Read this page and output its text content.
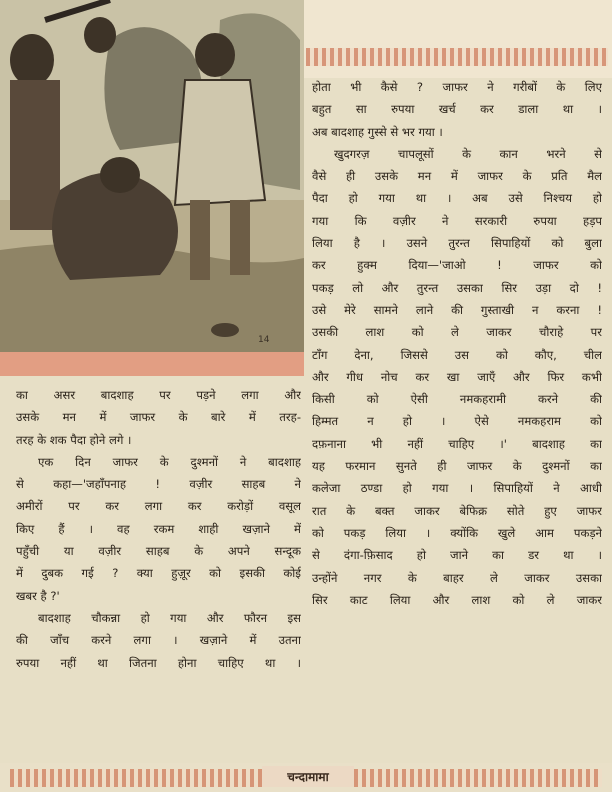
14

का असर बादशाह पर पड़ने लगा और
उसके मन में जाफर के बारे में तरह-
तरह के शक पैदा होने लगे ।

एक दिन जाफर के दुश्मनों ने बादशाह
से कहा—'जहाँपनाह ! वज़ीर साहब ने
अमीरों पर कर लगा कर करोड़ों वसूल
किए हैं । वह रकम शाही खज़ाने में
पहुँची या वज़ीर साहब के अपने सन्दूक
में दुबक गई ? क्या हुज़ूर को इसकी कोई
खबर है ?'

बादशाह चौकन्ना हो गया और फौरन इस
की जाँच करने लगा । खज़ाने में उतना
रुपया नहीं था जितना होना चाहिए था ।

होता भी कैसे ? जाफर ने गरीबों के लिए
बहुत सा रुपया खर्च कर डाला था ।
अब बादशाह गुस्से से भर गया ।

खुदगरज़ चापलूसों के कान भरने से
वैसे ही उसके मन में जाफर के प्रति मैल
पैदा हो गया था । अब उसे निश्चय हो
गया कि वज़ीर ने सरकारी रुपया हड़प
लिया है । उसने तुरन्त सिपाहियों को बुला
कर हुक्म दिया—'जाओ ! जाफर को
पकड़ लो और तुरन्त उसका सिर उड़ा दो !
उसे मेरे सामने लाने की गुस्ताखी न करना !
उसकी लाश को ले जाकर चौराहे पर
टाँग देना, जिससे उस को कौए, चील
और गीध नोच कर खा जाएँ और फिर कभी
किसी को ऐसी नमकहरामी करने की
हिम्मत न हो । ऐसे नमकहराम को
दफ़नाना भी नहीं चाहिए ।' बादशाह का
यह फरमान सुनते ही जाफर के दुश्मनों का
कलेजा ठण्डा हो गया । सिपाहियों ने आधी
रात के बक्त जाकर बेफिक्र सोते हुए जाफर
को पकड़ लिया । क्योंकि खुले आम पकड़ने
से दंगा-फ़िसाद हो जाने का डर था ।
उन्होंने नगर के बाहर ले जाकर उसका
सिर काट लिया और लाश को ले जाकर

चन्दामामा
